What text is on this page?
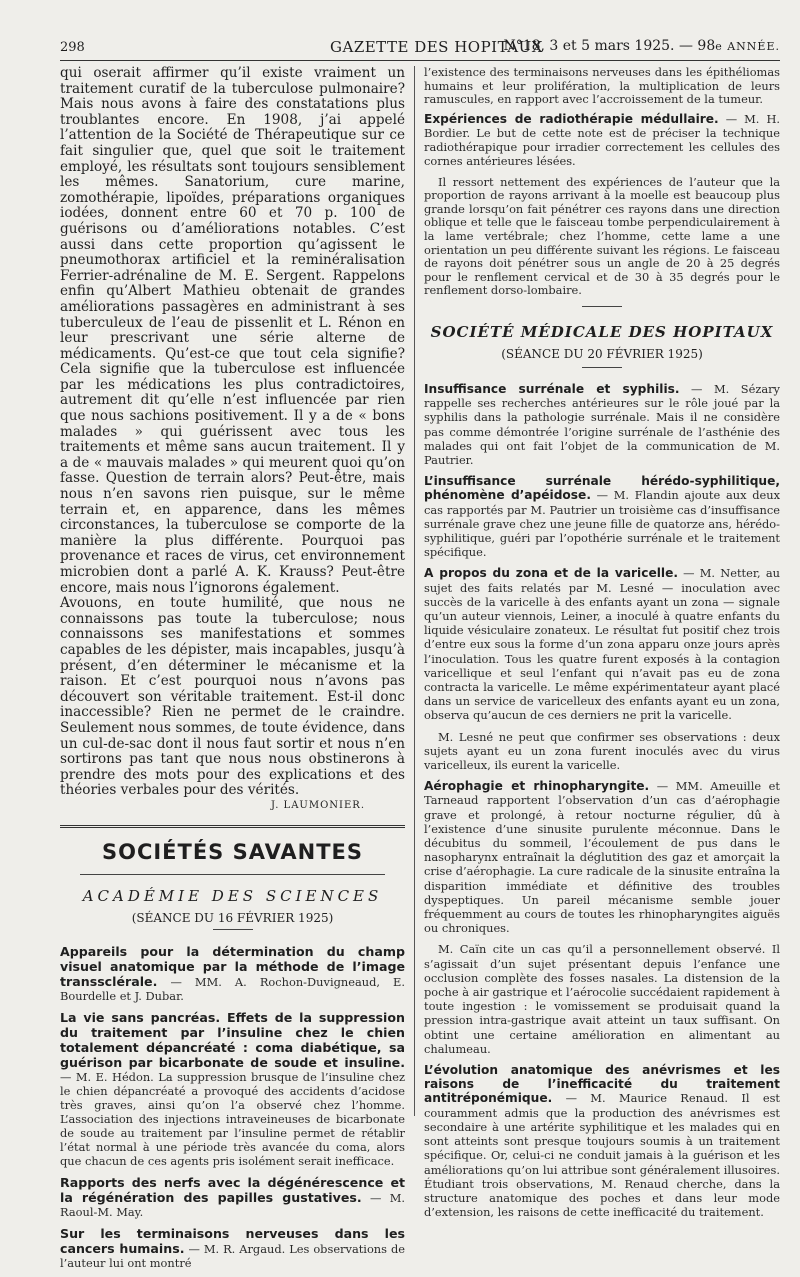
298	GAZETTE DES HOPITAUX
N°18, 3 et 5 mars 1925. — 98e ANNÉE.

qui oserait affirmer qu’il existe vraiment un traitement curatif de la tuberculose pulmonaire? Mais nous avons à faire des constatations plus troublantes encore. En 1908, j’ai appelé l’attention de la Société de Thérapeutique sur ce fait singulier que, quel que soit le traitement employé, les résultats sont toujours sensiblement les mêmes. Sanatorium, cure marine, zomothérapie, lipoïdes, préparations organiques iodées, donnent entre 60 et 70 p. 100 de guérisons ou d’améliorations notables. C’est aussi dans cette proportion qu’agissent le pneumothorax artificiel et la reminéralisation Ferrier-adrénaline de M. E. Sergent. Rappelons enfin qu’Albert Mathieu obtenait de grandes améliorations passagères en administrant à ses tuberculeux de l’eau de pissenlit et L. Rénon en leur prescrivant une série alterne de médicaments. Qu’est-ce que tout cela signifie? Cela signifie que la tuberculose est influencée par les médications les plus contradictoires, autrement dit qu’elle n’est influencée par rien que nous sachions positivement. Il y a de « bons malades » qui guérissent avec tous les traitements et même sans aucun traitement. Il y a de « mauvais malades » qui meurent quoi qu’on fasse. Question de terrain alors? Peut-être, mais nous n’en savons rien puisque, sur le même terrain et, en apparence, dans les mêmes circonstances, la tuberculose se comporte de la manière la plus différente. Pourquoi pas provenance et races de virus, cet environnement microbien dont a parlé A. K. Krauss? Peut-être encore, mais nous l’ignorons également.

Avouons, en toute humilité, que nous ne connaissons pas toute la tuberculose; nous connaissons ses manifestations et sommes capables de les dépister, mais incapables, jusqu’à présent, d’en déterminer le mécanisme et la raison. Et c’est pourquoi nous n’avons pas découvert son véritable traitement. Est-il donc inaccessible? Rien ne permet de le craindre. Seulement nous sommes, de toute évidence, dans un cul-de-sac dont il nous faut sortir et nous n’en sortirons pas tant que nous nous obstinerons à prendre des mots pour des explications et des théories verbales pour des vérités.

J. LAUMONIER.
SOCIÉTÉS SAVANTES
ACADÉMIE DES SCIENCES
(SÉANCE DU 16 FÉVRIER 1925)
Appareils pour la détermination du champ visuel anatomique par la méthode de l’image transsclérale. — MM. A. Rochon-Duvigneaud, E. Bourdelle et J. Dubar.
La vie sans pancréas. Effets de la suppression du traitement par l’insuline chez le chien totalement dépancréaté : coma diabétique, sa guérison par bicarbonate de soude et insuline. — M. E. Hédon. La suppression brusque de l’insuline chez le chien dépancréaté a provoqué des accidents d’acidose très graves, ainsi qu’on l’a observé chez l’homme. L’association des injections intraveineuses de bicarbonate de soude au traitement par l’insuline permet de rétablir l’état normal à une période très avancée du coma, alors que chacun de ces agents pris isolément serait inefficace.
Rapports des nerfs avec la dégénérescence et la régénération des papilles gustatives. — M. Raoul-M. May.
Sur les terminaisons nerveuses dans les cancers humains. — M. R. Argaud. Les observations de l’auteur lui ont montré

l’existence des terminaisons nerveuses dans les épithéliomas humains et leur prolifération, la multiplication de leurs ramuscules, en rapport avec l’accroissement de la tumeur.

Expériences de radiothérapie médullaire. — M. H. Bordier. Le but de cette note est de préciser la technique radiothérapique pour irradier correctement les cellules des cornes antérieures lésées.

Il ressort nettement des expériences de l’auteur que la proportion de rayons arrivant à la moelle est beaucoup plus grande lorsqu’on fait pénétrer ces rayons dans une direction oblique et telle que le faisceau tombe perpendiculairement à la lame vertébrale; chez l’homme, cette lame a une orientation un peu différente suivant les régions. Le faisceau de rayons doit pénétrer sous un angle de 20 à 25 degrés pour le renflement cervical et de 30 à 35 degrés pour le renflement dorso-lombaire.

SOCIÉTÉ MÉDICALE DES HOPITAUX
(SÉANCE DU 20 FÉVRIER 1925)
Insuffisance surrénale et syphilis. — M. Sézary rappelle ses recherches antérieures sur le rôle joué par la syphilis dans la pathologie surrénale. Mais il ne considère pas comme démontrée l’origine surrénale de l’asthénie des malades qui ont fait l’objet de la communication de M. Pautrier.
L’insuffisance surrénale hérédo-syphilitique, phénomène d’apéidose. — M. Flandin ajoute aux deux cas rapportés par M. Pautrier un troisième cas d’insuffisance surrénale grave chez une jeune fille de quatorze ans, hérédo-syphilitique, guéri par l’opothérie surrénale et le traitement spécifique.
A propos du zona et de la varicelle. — M. Netter, au sujet des faits relatés par M. Lesné — inoculation avec succès de la varicelle à des enfants ayant un zona — signale qu’un auteur viennois, Leiner, a inoculé à quatre enfants du liquide vésiculaire zonateux. Le résultat fut positif chez trois d’entre eux sous la forme d’un zona apparu onze jours après l’inoculation. Tous les quatre furent exposés à la contagion varicellique et seul l’enfant qui n’avait pas eu de zona contracta la varicelle. Le même expérimentateur ayant placé dans un service de varicelleux des enfants ayant eu un zona, observa qu’aucun de ces derniers ne prit la varicelle.
M. Lesné ne peut que confirmer ses observations : deux sujets ayant eu un zona furent inoculés avec du virus varicelleux, ils eurent la varicelle.
Aérophagie et rhinopharyngite. — MM. Ameuille et Tarneaud rapportent l’observation d’un cas d’aérophagie grave et prolongé, à retour nocturne régulier, dû à l’existence d’une sinusite purulente méconnue. Dans le décubitus du sommeil, l’écoulement de pus dans le nasopharynx entraînait la déglutition des gaz et amorçait la crise d’aérophagie. La cure radicale de la sinusite entraîna la disparition immédiate et définitive des troubles dyspeptiques. Un pareil mécanisme semble jouer fréquemment au cours de toutes les rhinopharyngites aiguës ou chroniques.
M. Caïn cite un cas qu’il a personnellement observé. Il s’agissait d’un sujet présentant depuis l’enfance une occlusion complète des fosses nasales. La distension de la poche à air gastrique et l’aérocolie succédaient rapidement à toute ingestion : le vomissement se produisait quand la pression intra-gastrique avait atteint un taux suffisant. On obtint une certaine amélioration en alimentant au chalumeau.
L’évolution anatomique des anévrismes et les raisons de l’inefficacité du traitement antitréponémique. — M. Maurice Renaud. Il est couramment admis que la production des anévrismes est secondaire à une artérite syphilitique et les malades qui en sont atteints sont presque toujours soumis à un traitement spécifique. Or, celui-ci ne conduit jamais à la guérison et les améliorations qu’on lui attribue sont généralement illusoires. Étudiant trois observations, M. Renaud cherche, dans la structure anatomique des poches et dans leur mode d’extension, les raisons de cette inefficacité du traitement.
